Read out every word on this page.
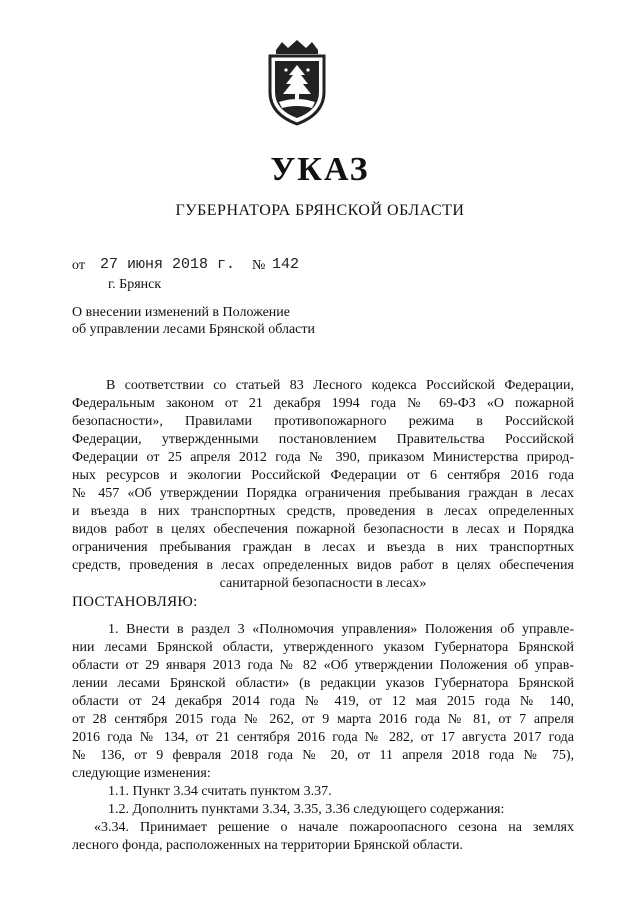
УКАЗ
ГУБЕРНАТОРА БРЯНСКОЙ ОБЛАСТИ
от 27 июня 2018 г. № 142
г. Брянск
О внесении изменений в Положение
об управлении лесами Брянской области
В соответствии со статьей 83 Лесного кодекса Российской Федерации,
Федеральным законом от 21 декабря 1994 года № 69-ФЗ «О пожарной
безопасности», Правилами противопожарного режима в Российской
Федерации, утвержденными постановлением Правительства Российской
Федерации от 25 апреля 2012 года № 390, приказом Министерства природ-
ных ресурсов и экологии Российской Федерации от 6 сентября 2016 года
№ 457 «Об утверждении Порядка ограничения пребывания граждан в лесах
и въезда в них транспортных средств, проведения в лесах определенных
видов работ в целях обеспечения пожарной безопасности в лесах и Порядка
ограничения пребывания граждан в лесах и въезда в них транспортных
средств, проведения в лесах определенных видов работ в целях обеспечения
санитарной безопасности в лесах»
ПОСТАНОВЛЯЮ:
1. Внести в раздел 3 «Полномочия управления» Положения об управле-
нии лесами Брянской области, утвержденного указом Губернатора Брянской
области от 29 января 2013 года № 82 «Об утверждении Положения об управ-
лении лесами Брянской области» (в редакции указов Губернатора Брянской
области от 24 декабря 2014 года № 419, от 12 мая 2015 года № 140,
от 28 сентября 2015 года № 262, от 9 марта 2016 года № 81, от 7 апреля
2016 года № 134, от 21 сентября 2016 года № 282, от 17 августа 2017 года
№ 136, от 9 февраля 2018 года № 20, от 11 апреля 2018 года № 75),
следующие изменения:
1.1. Пункт 3.34 считать пунктом 3.37.
1.2. Дополнить пунктами 3.34, 3.35, 3.36 следующего содержания:
«3.34. Принимает решение о начале пожароопасного сезона на землях
лесного фонда, расположенных на территории Брянской области.
